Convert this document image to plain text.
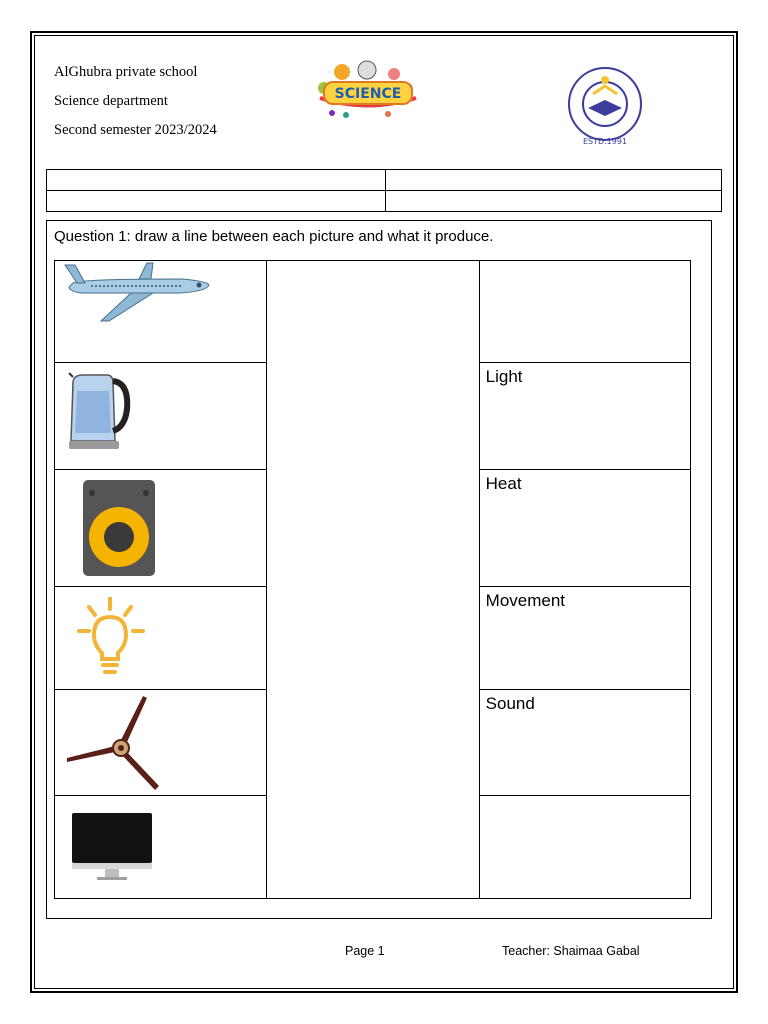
AlGhubra private school
Science department
Second semester 2023/2024
SCIENCE
ESTD.1991

Question 1: draw a line between each picture and what it produce.

Light

Heat

Movement

Sound

Page 1	Teacher: Shaimaa Gabal
